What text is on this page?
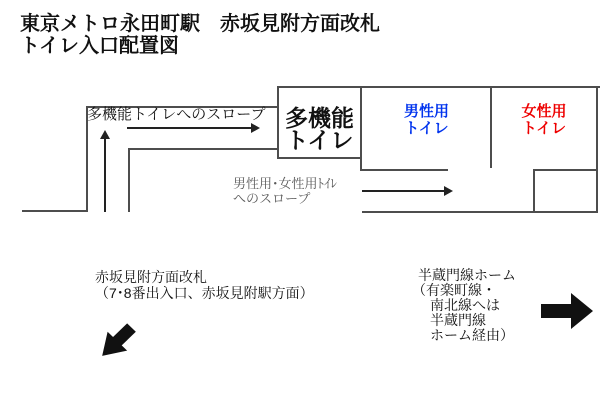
東京メトロ永田町駅　赤坂見附方面改札
トイレ入口配置図
多機能トイレへのスロープ 多機能
トイレ
男性用
トイレ
女性用
トイレ
男性用･女性用ﾄｲﾚ
へのスロープ
赤坂見附方面改札
（7･8番出入口、赤坂見附駅方面）
半蔵門線ホーム
（有楽町線・
南北線へは
半蔵門線
ホーム経由）
